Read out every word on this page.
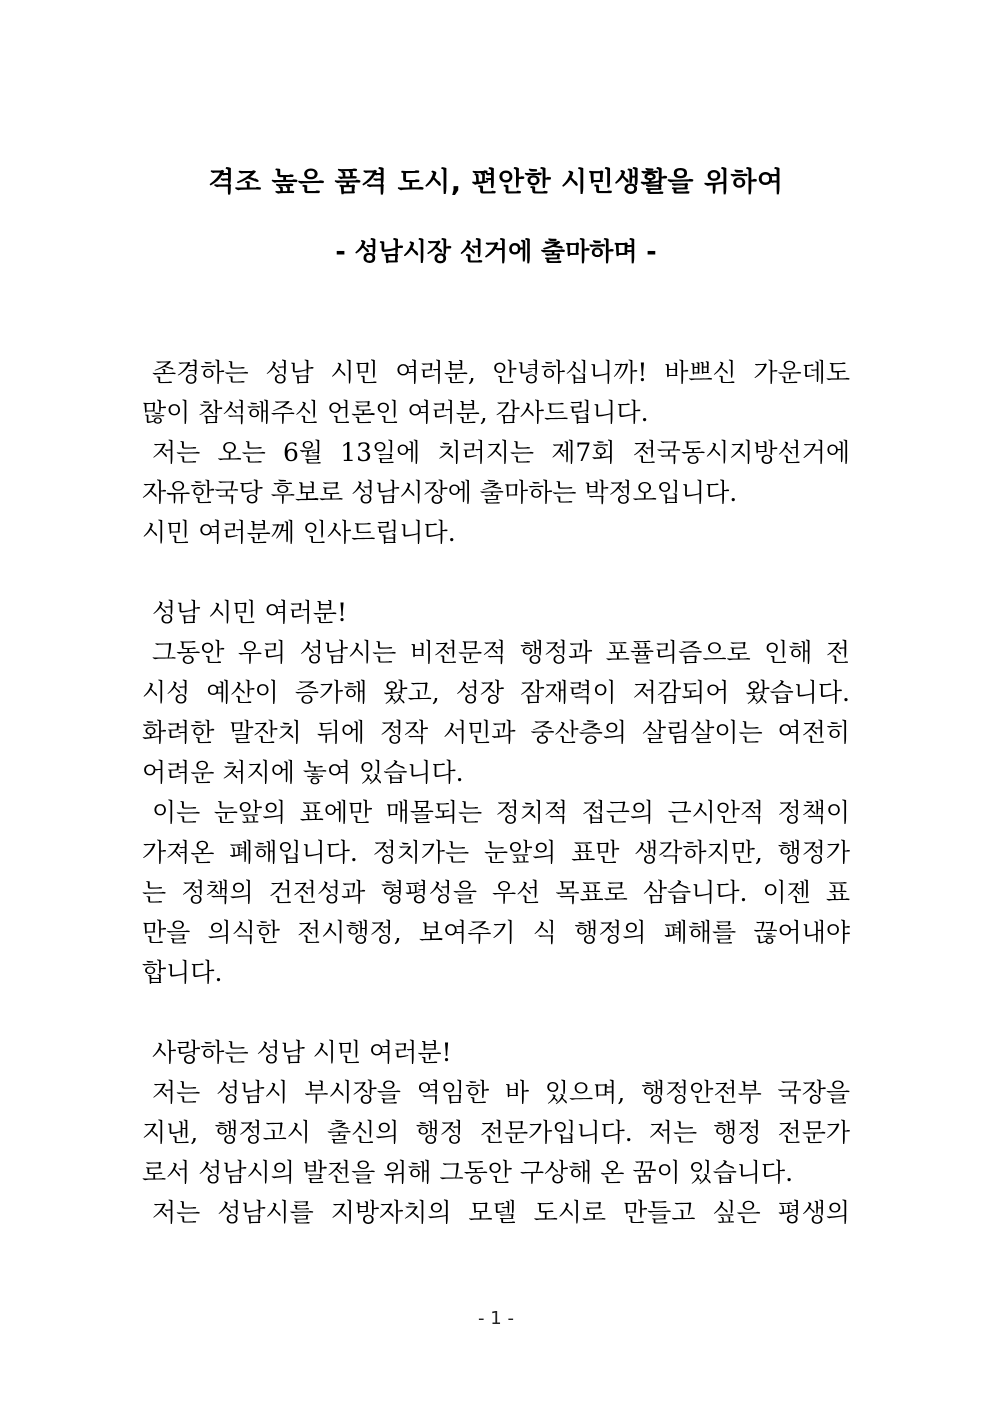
격조 높은 품격 도시, 편안한 시민생활을 위하여
- 성남시장 선거에 출마하며 -
존경하는 성남 시민 여러분, 안녕하십니까! 바쁘신 가운데도
많이 참석해주신 언론인 여러분, 감사드립니다.
저는 오는 6월 13일에 치러지는 제7회 전국동시지방선거에
자유한국당 후보로 성남시장에 출마하는 박정오입니다.
시민 여러분께 인사드립니다.
성남 시민 여러분!
그동안 우리 성남시는 비전문적 행정과 포퓰리즘으로 인해 전
시성 예산이 증가해 왔고, 성장 잠재력이 저감되어 왔습니다.
화려한 말잔치 뒤에 정작 서민과 중산층의 살림살이는 여전히
어려운 처지에 놓여 있습니다.
이는 눈앞의 표에만 매몰되는 정치적 접근의 근시안적 정책이
가져온 폐해입니다. 정치가는 눈앞의 표만 생각하지만, 행정가
는 정책의 건전성과 형평성을 우선 목표로 삼습니다. 이젠 표
만을 의식한 전시행정, 보여주기 식 행정의 폐해를 끊어내야
합니다.
사랑하는 성남 시민 여러분!
저는 성남시 부시장을 역임한 바 있으며, 행정안전부 국장을
지낸, 행정고시 출신의 행정 전문가입니다. 저는 행정 전문가
로서 성남시의 발전을 위해 그동안 구상해 온 꿈이 있습니다.
저는 성남시를 지방자치의 모델 도시로 만들고 싶은 평생의
- 1 -
